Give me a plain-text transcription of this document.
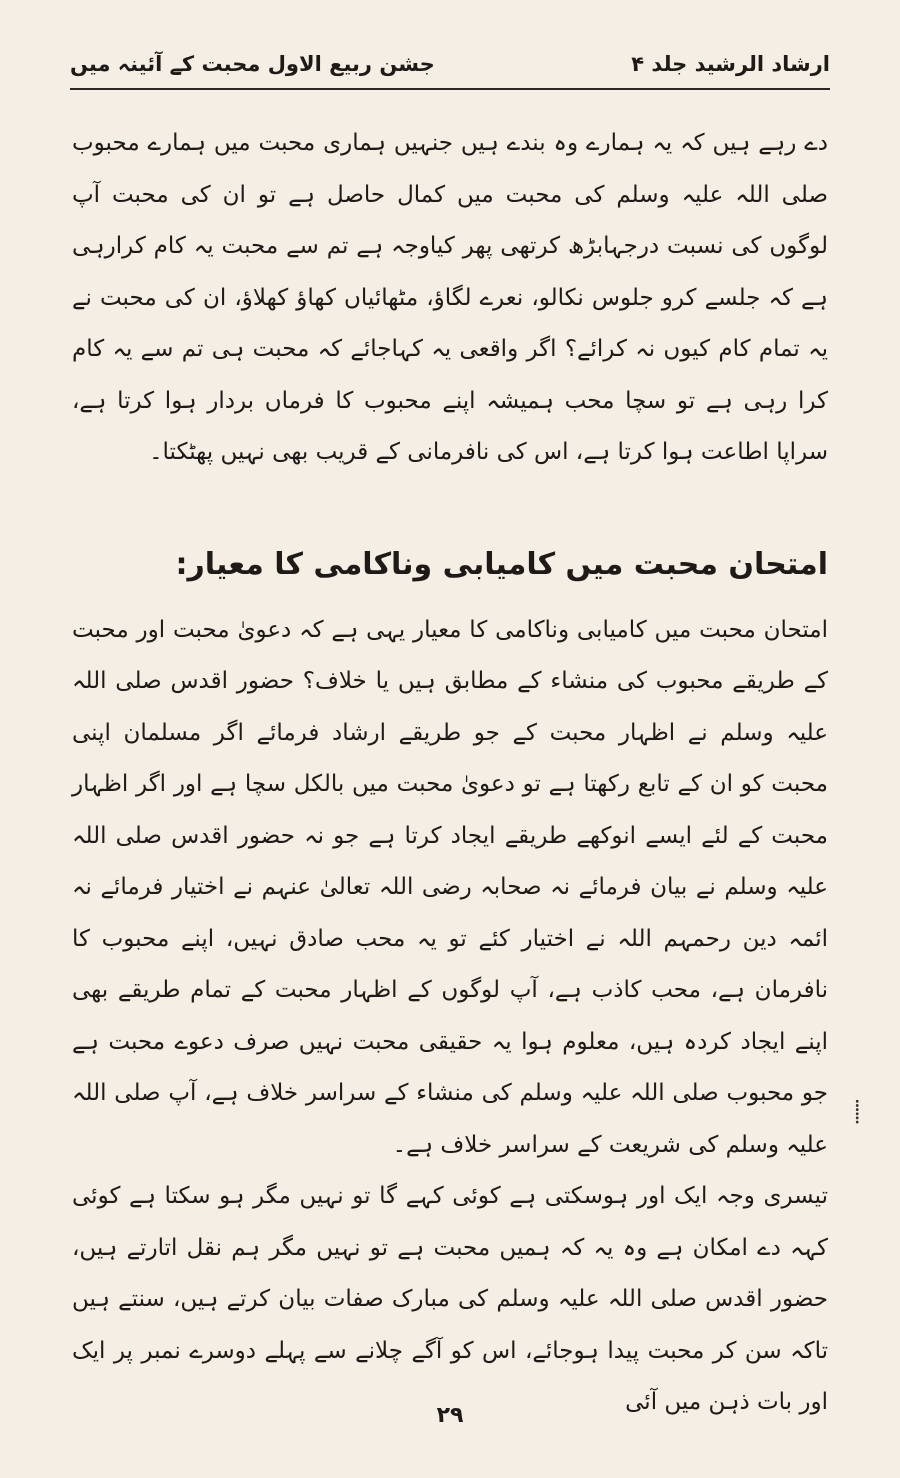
ارشاد الرشید جلد ۴
جشن ربیع الاول محبت کے آئینہ میں

دے رہے ہیں کہ یہ ہمارے وہ بندے ہیں جنہیں ہماری محبت میں ہمارے محبوب صلی اللہ علیہ وسلم کی محبت میں کمال حاصل ہے تو ان کی محبت آپ لوگوں کی نسبت درجہابڑھ کرتھی پھر کیاوجہ ہے تم سے محبت یہ کام کرارہی ہے کہ جلسے کرو جلوس نکالو، نعرے لگاؤ، مٹھائیاں کھاؤ کھلاؤ، ان کی محبت نے یہ تمام کام کیوں نہ کرائے؟ اگر واقعی یہ کہاجائے کہ محبت ہی تم سے یہ کام کرا رہی ہے تو سچا محب ہمیشہ اپنے محبوب کا فرماں بردار ہوا کرتا ہے، سراپا اطاعت ہوا کرتا ہے، اس کی نافرمانی کے قریب بھی نہیں پھٹکتا۔

امتحان محبت میں کامیابی وناکامی کا معیار:

امتحان محبت میں کامیابی وناکامی کا معیار یہی ہے کہ دعویٰ محبت اور محبت کے طریقے محبوب کی منشاء کے مطابق ہیں یا خلاف؟ حضور اقدس صلی اللہ علیہ وسلم نے اظہار محبت کے جو طریقے ارشاد فرمائے اگر مسلمان اپنی محبت کو ان کے تابع رکھتا ہے تو دعویٰ محبت میں بالکل سچا ہے اور اگر اظہار محبت کے لئے ایسے انوکھے طریقے ایجاد کرتا ہے جو نہ حضور اقدس صلی اللہ علیہ وسلم نے بیان فرمائے نہ صحابہ رضی اللہ تعالیٰ عنہم نے اختیار فرمائے نہ ائمہ دین رحمہم اللہ نے اختیار کئے تو یہ محب صادق نہیں، اپنے محبوب کا نافرمان ہے، محب کاذب ہے، آپ لوگوں کے اظہار محبت کے تمام طریقے بھی اپنے ایجاد کردہ ہیں، معلوم ہوا یہ حقیقی محبت نہیں صرف دعوے محبت ہے جو محبوب صلی اللہ علیہ وسلم کی منشاء کے سراسر خلاف ہے، آپ صلی اللہ علیہ وسلم کی شریعت کے سراسر خلاف ہے۔

تیسری وجہ ایک اور ہوسکتی ہے کوئی کہے گا تو نہیں مگر ہو سکتا ہے کوئی کہہ دے امکان ہے وہ یہ کہ ہمیں محبت ہے تو نہیں مگر ہم نقل اتارتے ہیں، حضور اقدس صلی اللہ علیہ وسلم کی مبارک صفات بیان کرتے ہیں، سنتے ہیں تاکہ سن کر محبت پیدا ہوجائے، اس کو آگے چلانے سے پہلے دوسرے نمبر پر ایک اور بات ذہن میں آئی

⸽
۲۹
